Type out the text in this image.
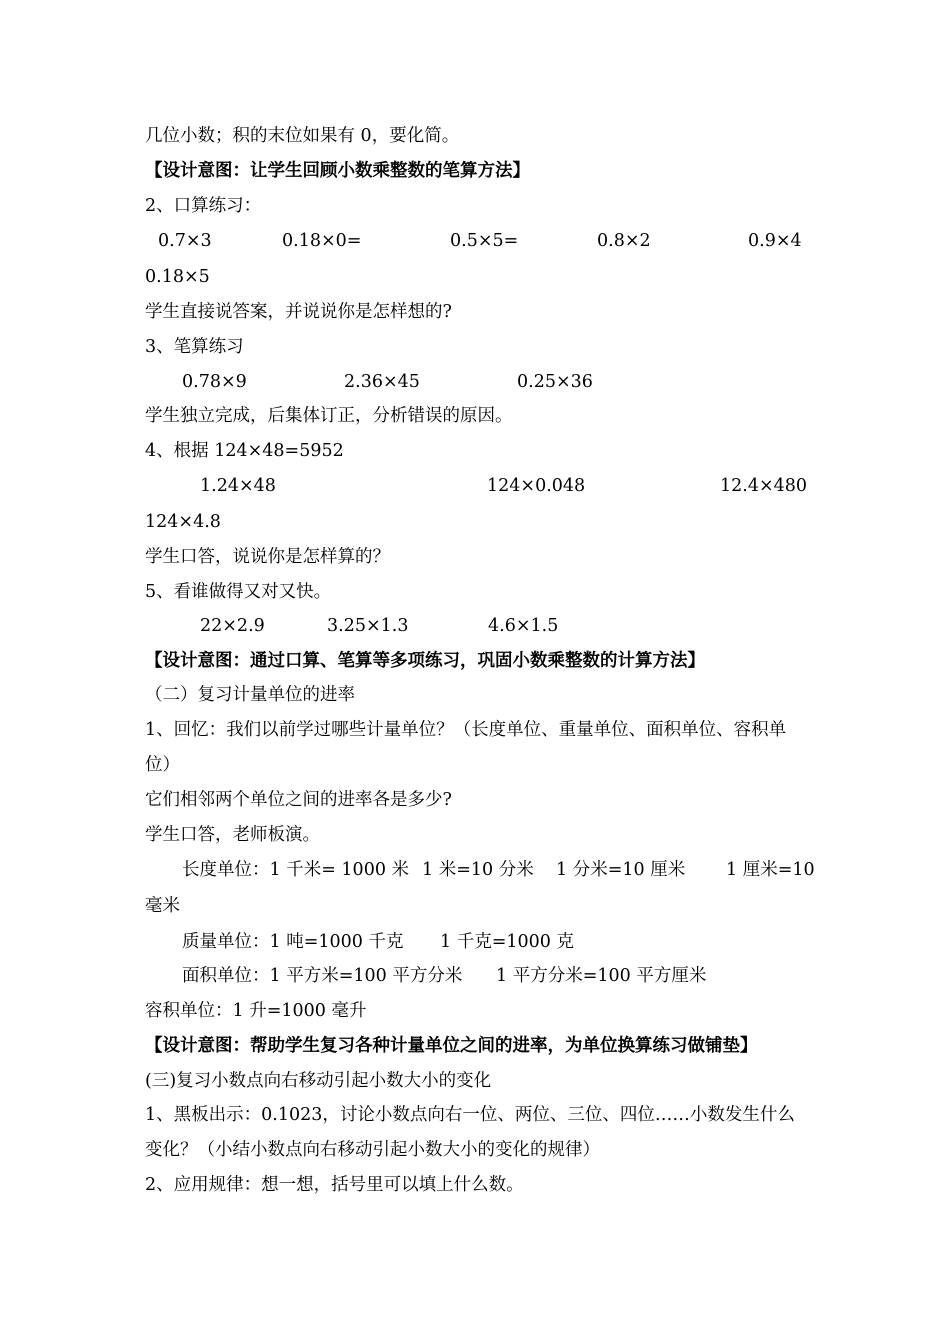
几位小数；积的末位如果有 0，要化简。
【设计意图：让学生回顾小数乘整数的笔算方法】
2、口算练习：
0.7×3	0.18×0=	0.5×5=	0.8×2	0.9×4
0.18×5
学生直接说答案，并说说你是怎样想的?
3、笔算练习
0.78×9	2.36×45	0.25×36
学生独立完成，后集体订正，分析错误的原因。
4、根据 124×48=5952
1.24×48	124×0.048	12.4×480
124×4.8
学生口答，说说你是怎样算的？
5、看谁做得又对又快。
22×2.9	3.25×1.3	4.6×1.5
【设计意图：通过口算、笔算等多项练习，巩固小数乘整数的计算方法】
（二）复习计量单位的进率
1、回忆：我们以前学过哪些计量单位？（长度单位、重量单位、面积单位、容积单
位）
它们相邻两个单位之间的进率各是多少?
学生口答，老师板演。
长度单位：1 千米= 1000 米 1 米=10 分米 1 分米=10 厘米 1 厘米=10
毫米
质量单位：1 吨=1000 千克 1 千克=1000 克
面积单位：1 平方米=100 平方分米 1 平方分米=100 平方厘米
容积单位：1 升=1000 毫升
【设计意图：帮助学生复习各种计量单位之间的进率，为单位换算练习做铺垫】
(三)复习小数点向右移动引起小数大小的变化
1、黑板出示：0.1023，讨论小数点向右一位、两位、三位、四位……小数发生什么
变化？（小结小数点向右移动引起小数大小的变化的规律）
2、应用规律：想一想，括号里可以填上什么数。
